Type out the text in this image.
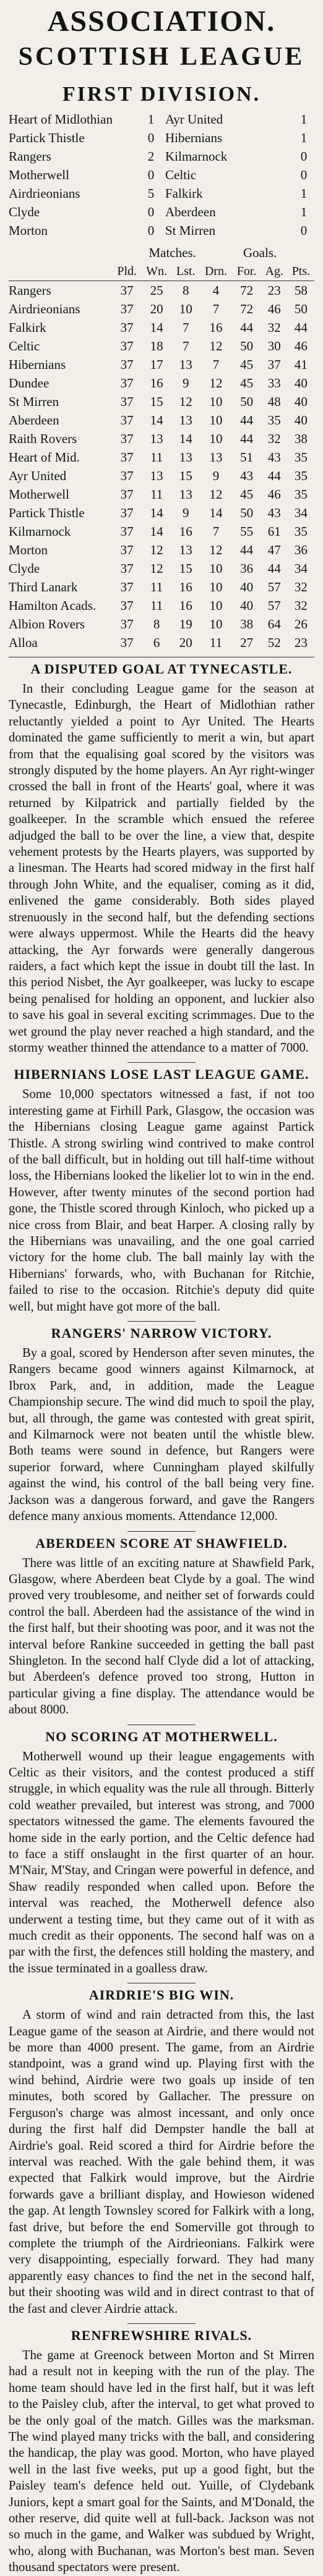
ASSOCIATION.
SCOTTISH LEAGUE
FIRST DIVISION.
Heart of Midlothian	1 Ayr United	1
Partick Thistle	0 Hibernians	1
Rangers	2 Kilmarnock	0
Motherwell	0 Celtic	0
Airdrieonians	5 Falkirk	1
Clyde	0 Aberdeen	1
Morton	0 St Mirren	0
	Matches.				Goals.		
	Pld.	Wn.	Lst.	Drn.	For.	Ag.	Pts.
Rangers	37	25	8	4	72	23	58
Airdrieonians	37	20	10	7	72	46	50
Falkirk	37	14	7	16	44	32	44
Celtic	37	18	7	12	50	30	46
Hibernians	37	17	13	7	45	37	41
Dundee	37	16	9	12	45	33	40
St Mirren	37	15	12	10	50	48	40
Aberdeen	37	14	13	10	44	35	40
Raith Rovers	37	13	14	10	44	32	38
Heart of Mid.	37	11	13	13	51	43	35
Ayr United	37	13	15	9	43	44	35
Motherwell	37	11	13	12	45	46	35
Partick Thistle	37	14	9	14	50	43	34
Kilmarnock	37	14	16	7	55	61	35
Morton	37	12	13	12	44	47	36
Clyde	37	12	15	10	36	44	34
Third Lanark	37	11	16	10	40	57	32
Hamilton Acads.	37	11	16	10	40	57	32
Albion Rovers	37	8	19	10	38	64	26
Alloa	37	6	20	11	27	52	23
A DISPUTED GOAL AT TYNECASTLE.

In their concluding League game for the season at Tynecastle, Edinburgh, the Heart of Midlothian rather reluctantly yielded a point to Ayr United. The Hearts dominated the game sufficiently to merit a win, but apart from that the equalising goal scored by the visitors was strongly disputed by the home players. An Ayr right-winger crossed the ball in front of the Hearts' goal, where it was returned by Kilpatrick and partially fielded by the goalkeeper. In the scramble which ensued the referee adjudged the ball to be over the line, a view that, despite vehement protests by the Hearts players, was supported by a linesman. The Hearts had scored midway in the first half through John White, and the equaliser, coming as it did, enlivened the game considerably. Both sides played strenuously in the second half, but the defending sections were always uppermost. While the Hearts did the heavy attacking, the Ayr forwards were generally dangerous raiders, a fact which kept the issue in doubt till the last. In this period Nisbet, the Ayr goalkeeper, was lucky to escape being penalised for holding an opponent, and luckier also to save his goal in several exciting scrimmages. Due to the wet ground the play never reached a high standard, and the stormy weather thinned the attendance to a matter of 7000.

HIBERNIANS LOSE LAST LEAGUE GAME.

Some 10,000 spectators witnessed a fast, if not too interesting game at Firhill Park, Glasgow, the occasion was the Hibernians closing League game against Partick Thistle. A strong swirling wind contrived to make control of the ball difficult, but in holding out till half-time without loss, the Hibernians looked the likelier lot to win in the end. However, after twenty minutes of the second portion had gone, the Thistle scored through Kinloch, who picked up a nice cross from Blair, and beat Harper. A closing rally by the Hibernians was unavailing, and the one goal carried victory for the home club. The ball mainly lay with the Hibernians' forwards, who, with Buchanan for Ritchie, failed to rise to the occasion. Ritchie's deputy did quite well, but might have got more of the ball.

RANGERS' NARROW VICTORY.

By a goal, scored by Henderson after seven minutes, the Rangers became good winners against Kilmarnock, at Ibrox Park, and, in addition, made the League Championship secure. The wind did much to spoil the play, but, all through, the game was contested with great spirit, and Kilmarnock were not beaten until the whistle blew. Both teams were sound in defence, but Rangers were superior forward, where Cunningham played skilfully against the wind, his control of the ball being very fine. Jackson was a dangerous forward, and gave the Rangers defence many anxious moments. Attendance 12,000.

ABERDEEN SCORE AT SHAWFIELD.

There was little of an exciting nature at Shawfield Park, Glasgow, where Aberdeen beat Clyde by a goal. The wind proved very troublesome, and neither set of forwards could control the ball. Aberdeen had the assistance of the wind in the first half, but their shooting was poor, and it was not the interval before Rankine succeeded in getting the ball past Shingleton. In the second half Clyde did a lot of attacking, but Aberdeen's defence proved too strong, Hutton in particular giving a fine display. The attendance would be about 8000.

NO SCORING AT MOTHERWELL.

Motherwell wound up their league engagements with Celtic as their visitors, and the contest produced a stiff struggle, in which equality was the rule all through. Bitterly cold weather prevailed, but interest was strong, and 7000 spectators witnessed the game. The elements favoured the home side in the early portion, and the Celtic defence had to face a stiff onslaught in the first quarter of an hour. M'Nair, M'Stay, and Cringan were powerful in defence, and Shaw readily responded when called upon. Before the interval was reached, the Motherwell defence also underwent a testing time, but they came out of it with as much credit as their opponents. The second half was on a par with the first, the defences still holding the mastery, and the issue terminated in a goalless draw.

AIRDRIE'S BIG WIN.

A storm of wind and rain detracted from this, the last League game of the season at Airdrie, and there would not be more than 4000 present. The game, from an Airdrie standpoint, was a grand wind up. Playing first with the wind behind, Airdrie were two goals up inside of ten minutes, both scored by Gallacher. The pressure on Ferguson's charge was almost incessant, and only once during the first half did Dempster handle the ball at Airdrie's goal. Reid scored a third for Airdrie before the interval was reached. With the gale behind them, it was expected that Falkirk would improve, but the Airdrie forwards gave a brilliant display, and Howieson widened the gap. At length Townsley scored for Falkirk with a long, fast drive, but before the end Somerville got through to complete the triumph of the Airdrieonians. Falkirk were very disappointing, especially forward. They had many apparently easy chances to find the net in the second half, but their shooting was wild and in direct contrast to that of the fast and clever Airdrie attack.

RENFREWSHIRE RIVALS.

The game at Greenock between Morton and St Mirren had a result not in keeping with the run of the play. The home team should have led in the first half, but it was left to the Paisley club, after the interval, to get what proved to be the only goal of the match. Gilles was the marksman. The wind played many tricks with the ball, and considering the handicap, the play was good. Morton, who have played well in the last five weeks, put up a good fight, but the Paisley team's defence held out. Yuille, of Clydebank Juniors, kept a smart goal for the Saints, and M'Donald, the other reserve, did quite well at full-back. Jackson was not so much in the game, and Walker was subdued by Wright, who, along with Buchanan, was Morton's best man. Seven thousand spectators were present.
